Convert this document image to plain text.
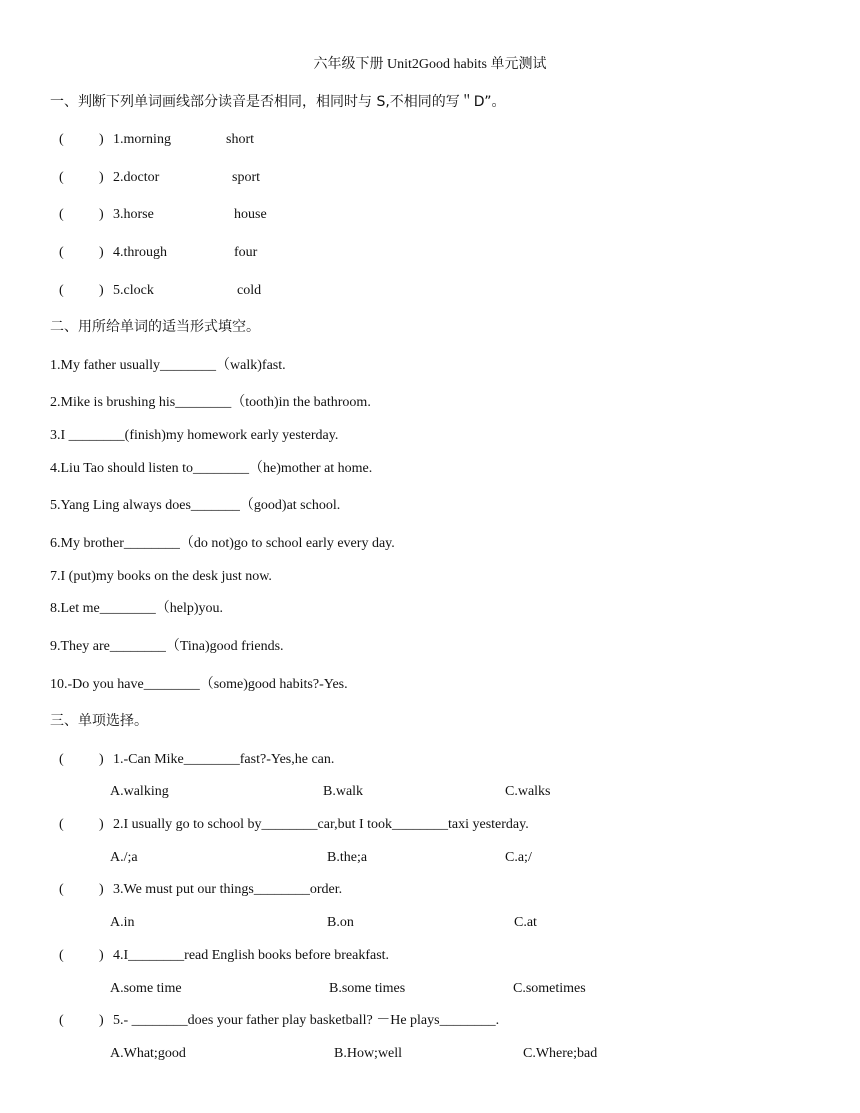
六年级下册 Unit2Good habits 单元测试
一、判断下列单词画线部分读音是否相同，相同时与 S,不相同的写＂D”。
(	) 1.morning	short
(	) 2.doctor	sport
(	) 3.horse	house
(	) 4.through	four
(	) 5.clock	cold
二、用所给单词的适当形式填空。
1.My father usually________（walk)fast.
2.Mike is brushing his________（tooth)in the bathroom.
3.I ________(finish)my homework early yesterday.
4.Liu Tao should listen to________（he)mother at home.
5.Yang Ling always does_______（good)at school.
6.My brother________（do not)go to school early every day.
7.I (put)my books on the desk just now.
8.Let me________（help)you.
9.They are________（Tina)good friends.
10.-Do you have________（some)good habits?-Yes.
三、单项选择。
(	) 1.-Can Mike________fast?-Yes,he can.
A.walking	B.walk	C.walks
(	) 2.I usually go to school by________car,but I took________taxi yesterday.
A./;a	B.the;a	C.a;/
(	) 3.We must put our things________order.
A.in	B.on	C.at
(	) 4.I________read English books before breakfast.
A.some time	B.some times	C.sometimes
(	) 5.- ________does your father play basketball? －He plays________.
A.What;good	B.How;well	C.Where;bad
